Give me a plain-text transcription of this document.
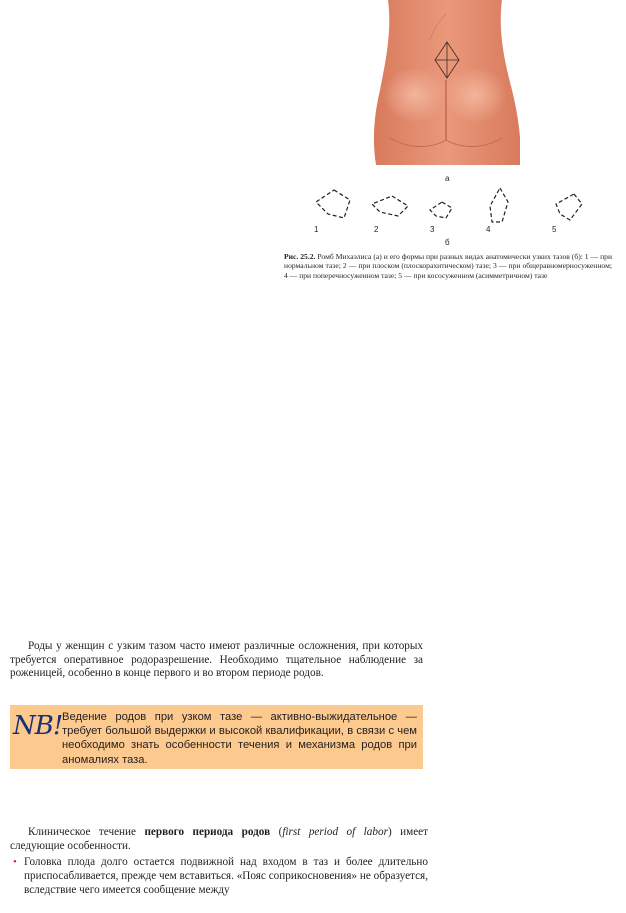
а
1	2	3	4	5
б
Рис. 25.2. Ромб Михаэлиса (а) и его формы при разных видах анатомически узких тазов (б): 1 — при нормальном тазе; 2 — при плоском (плоскорахитическом) тазе; 3 — при общеравномерносуженном; 4 — при поперечносуженном тазе; 5 — при кососуженном (асимметричном) тазе

Роды у женщин с узким тазом часто имеют различные осложнения, при которых требуется оперативное родоразрешение. Необходимо тщательное наблюдение за роженицей, особенно в конце первого и во втором периоде родов.

NB! Ведение родов при узком тазе — активно-выжидательное — требует большой выдержки и высокой квалификации, в связи с чем необходимо знать особенности течения и механизма родов при аномалиях таза.

Клиническое течение первого периода родов (first period of labor) имеет следующие особенности.

• Головка плода долго остается подвижной над входом в таз и более длительно приспосабливается, прежде чем вставиться. «Пояс соприкосновения» не образуется, вследствие чего имеется сообщение между
